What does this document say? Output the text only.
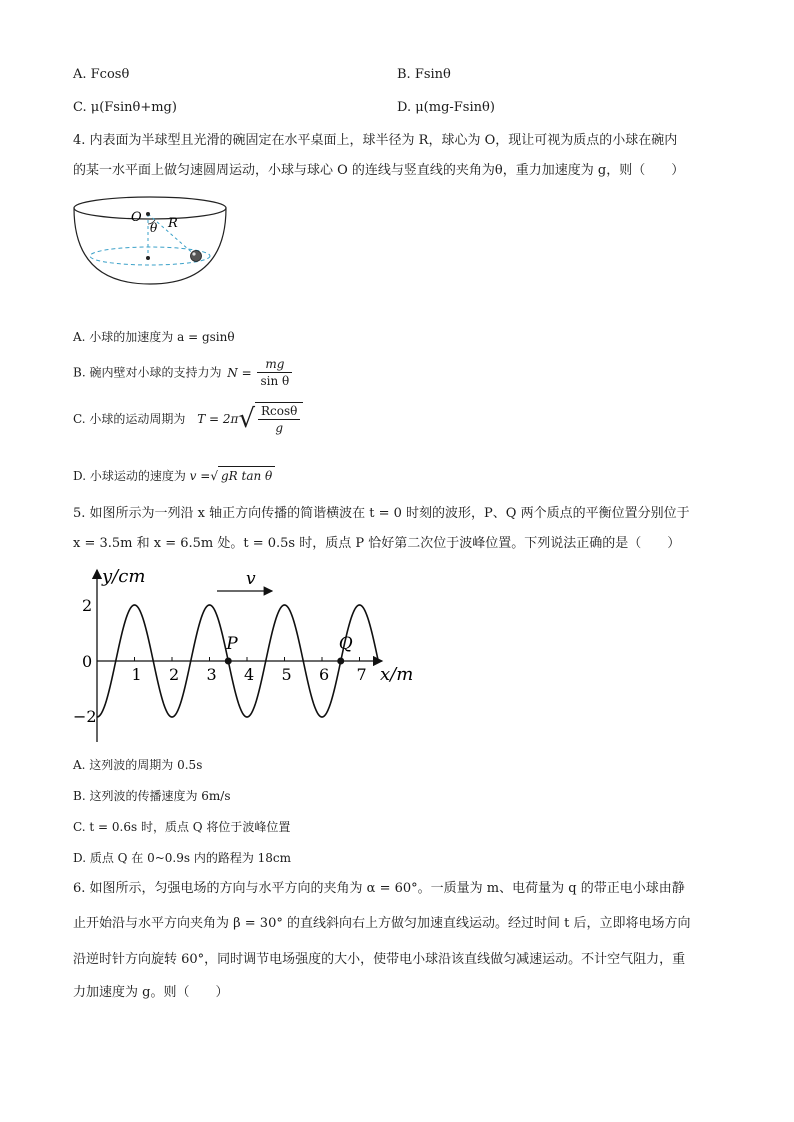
A. Fcosθ	B. Fsinθ
C. μ(Fsinθ+mg)	D. μ(mg-Fsinθ)
4. 内表面为半球型且光滑的碗固定在水平桌面上，球半径为 R，球心为 O，现让可视为质点的小球在碗内
的某一水平面上做匀速圆周运动，小球与球心 O 的连线与竖直线的夹角为θ，重力加速度为 g，则（　　）
O
θ R
A. 小球的加速度为 a = gsinθ
B. 碗内壁对小球的支持力为 $N = \frac{mg}{\text{sin θ}}$
C. 小球的运动周期为 $T = 2\pi√ \frac{Rcos\theta}{g}$
D. 小球运动的速度为 v =√ gR tan θ
5. 如图所示为一列沿 x 轴正方向传播的简谐横波在 t = 0 时刻的波形，P、Q 两个质点的平衡位置分别位于
x = 3.5m 和 x = 6.5m 处。t = 0.5s 时，质点 P 恰好第二次位于波峰位置。下列说法正确的是（　　）
y/cm
x/m
v
2
0
−2
1 2 3 4 5 6 7
P	Q
A. 这列波的周期为 0.5s
B. 这列波的传播速度为 6m/s
C. t = 0.6s 时，质点 Q 将位于波峰位置
D. 质点 Q 在 0~0.9s 内的路程为 18cm
6. 如图所示，匀强电场的方向与水平方向的夹角为 α = 60°。一质量为 m、电荷量为 q 的带正电小球由静
止开始沿与水平方向夹角为 β = 30° 的直线斜向右上方做匀加速直线运动。经过时间 t 后，立即将电场方向
沿逆时针方向旋转 60°，同时调节电场强度的大小，使带电小球沿该直线做匀减速运动。不计空气阻力，重
力加速度为 g。则（　　）
